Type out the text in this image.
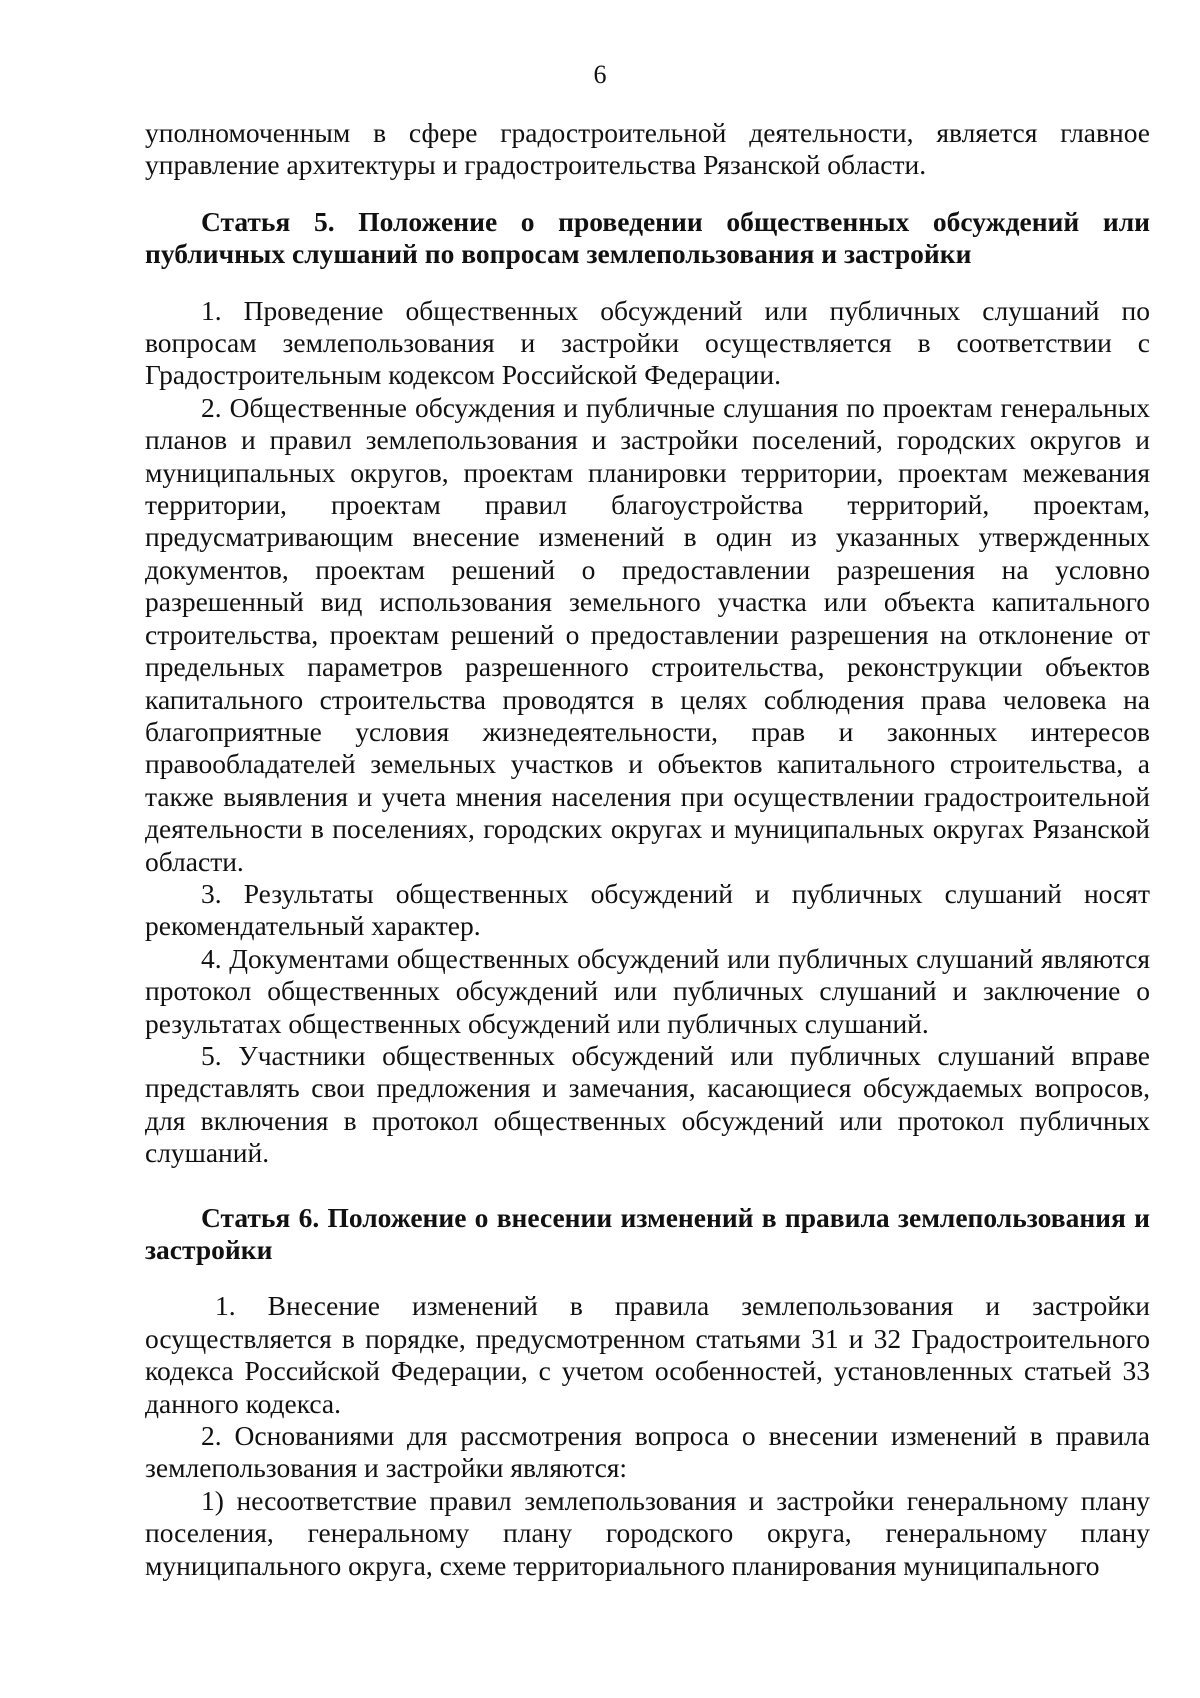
6

уполномоченным в сфере градостроительной деятельности, является главное управление архитектуры и градостроительства Рязанской области.

Статья 5. Положение о проведении общественных обсуждений или публичных слушаний по вопросам землепользования и застройки

1. Проведение общественных обсуждений или публичных слушаний по вопросам землепользования и застройки осуществляется в соответствии с Градостроительным кодексом Российской Федерации.

2. Общественные обсуждения и публичные слушания по проектам генеральных планов и правил землепользования и застройки поселений, городских округов и муниципальных округов, проектам планировки территории, проектам межевания территории, проектам правил благоустройства территорий, проектам, предусматривающим внесение изменений в один из указанных утвержденных документов, проектам решений о предоставлении разрешения на условно разрешенный вид использования земельного участка или объекта капитального строительства, проектам решений о предоставлении разрешения на отклонение от предельных параметров разрешенного строительства, реконструкции объектов капитального строительства проводятся в целях соблюдения права человека на благоприятные условия жизнедеятельности, прав и законных интересов правообладателей земельных участков и объектов капитального строительства, а также выявления и учета мнения населения при осуществлении градостроительной деятельности в поселениях, городских округах и муниципальных округах Рязанской области.

3. Результаты общественных обсуждений и публичных слушаний носят рекомендательный характер.

4. Документами общественных обсуждений или публичных слушаний являются протокол общественных обсуждений или публичных слушаний и заключение о результатах общественных обсуждений или публичных слушаний.

5. Участники общественных обсуждений или публичных слушаний вправе представлять свои предложения и замечания, касающиеся обсуждаемых вопросов, для включения в протокол общественных обсуждений или протокол публичных слушаний.

Статья 6. Положение о внесении изменений в правила землепользования и застройки

1. Внесение изменений в правила землепользования и застройки осуществляется в порядке, предусмотренном статьями 31 и 32 Градостроительного кодекса Российской Федерации, с учетом особенностей, установленных статьей 33 данного кодекса.

2. Основаниями для рассмотрения вопроса о внесении изменений в правила землепользования и застройки являются:

1) несоответствие правил землепользования и застройки генеральному плану поселения, генеральному плану городского округа, генеральному плану муниципального округа, схеме территориального планирования муниципального
